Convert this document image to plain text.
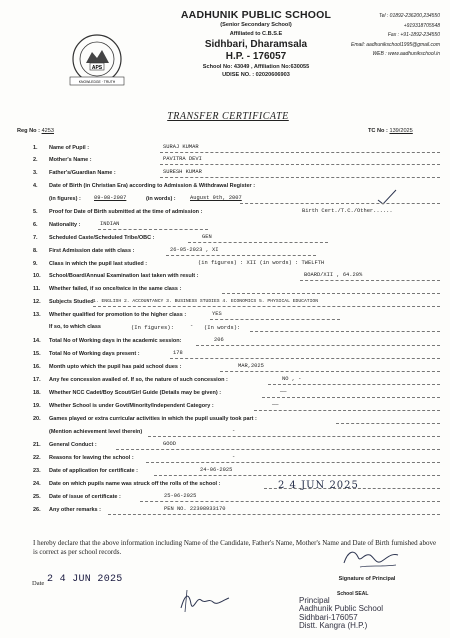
APS
KNOWLEDGE · TRUTH
AADHUNIK PUBLIC SCHOOL
(Senior Secondary School)
Affiliated to C.B.S.E
Sidhbari, Dharamsala
H.P. - 176057
School No: 43049 , Affiliation No:630055
UDISE NO. : 02020606903
Tel : 01892-236200,234550
+919318705548
Fax : +91-1892-234550
Email: aadhunikschool1995@gmail.com
WEB : www.aadhunikschool.in
TRANSFER CERTIFICATE
Reg No : 4253	TC No : 139/2025
1. Name of Pupil :	SURAJ KUMAR
2. Mother's Name :	PAVITRA DEVI
3. Father's/Guardian Name :	SURESH KUMAR
4. Date of Birth (in Christian Era) according to Admission & Withdrawal Register :
(in figures) : 09-08-2007	(in words) :	August 9th, 2007
5. Proof for Date of Birth submitted at the time of admission :	Birth Cert./T.C./Other......
6. Nationality :	INDIAN
7. Scheduled Caste/Scheduled Tribe/OBC :	GEN
8. First Admission date with class :	26-05-2023 , XI
9. Class in which the pupil last studied :	(in figures) : XII (in words) : TWELFTH
10. School/Board/Annual Examination last taken with result :	BOARD/XII , 64.20%
11. Whether failed, if so once/twice in the same class :
12. Subjects Studied 1. ENGLISH 2. ACCOUNTANCY 3. BUSINESS STUDIES 4. ECONOMICS 5. PHYSICAL EDUCATION
13. Whether qualified for promotion to the higher class :	YES
If so, to which class	(In figures):	- (In words):
14. Total No of Working days in the academic session:	206
15. Total No of Working days present :	178
16. Month upto which the pupil has paid school dues :	MAR,2025
17. Any fee concession availed of. If so, the nature of such concession :	NO , -
18. Whether NCC Cadet/Boy Scout/Girl Guide (Details may be given) :	——
19. Whether School is under Govt/Minority/Independent Category :	——
20. Games played or extra curricular activities in which the pupil usually took part :
(Mention achievement level therein)	-
21. General Conduct :	GOOD
22. Reasons for leaving the school :	-
23. Date of application for certificate :	24-06-2025
24. Date on which pupils name was struck off the rolls of the school :	2 4 JUN 2025
25. Date of issue of certificate :	25-06-2025
26. Any other remarks :	PEN NO. 22398933170
I hereby declare that the above information including Name of the Candidate, Father's Name, Mother's Name and Date of Birth furnished above is correct as per school records.
Date 2 4 JUN 2025	Signature of Principal
School SEAL
Principal
Aadhunik Public School
Sidhbari-176057
Distt. Kangra (H.P.)
